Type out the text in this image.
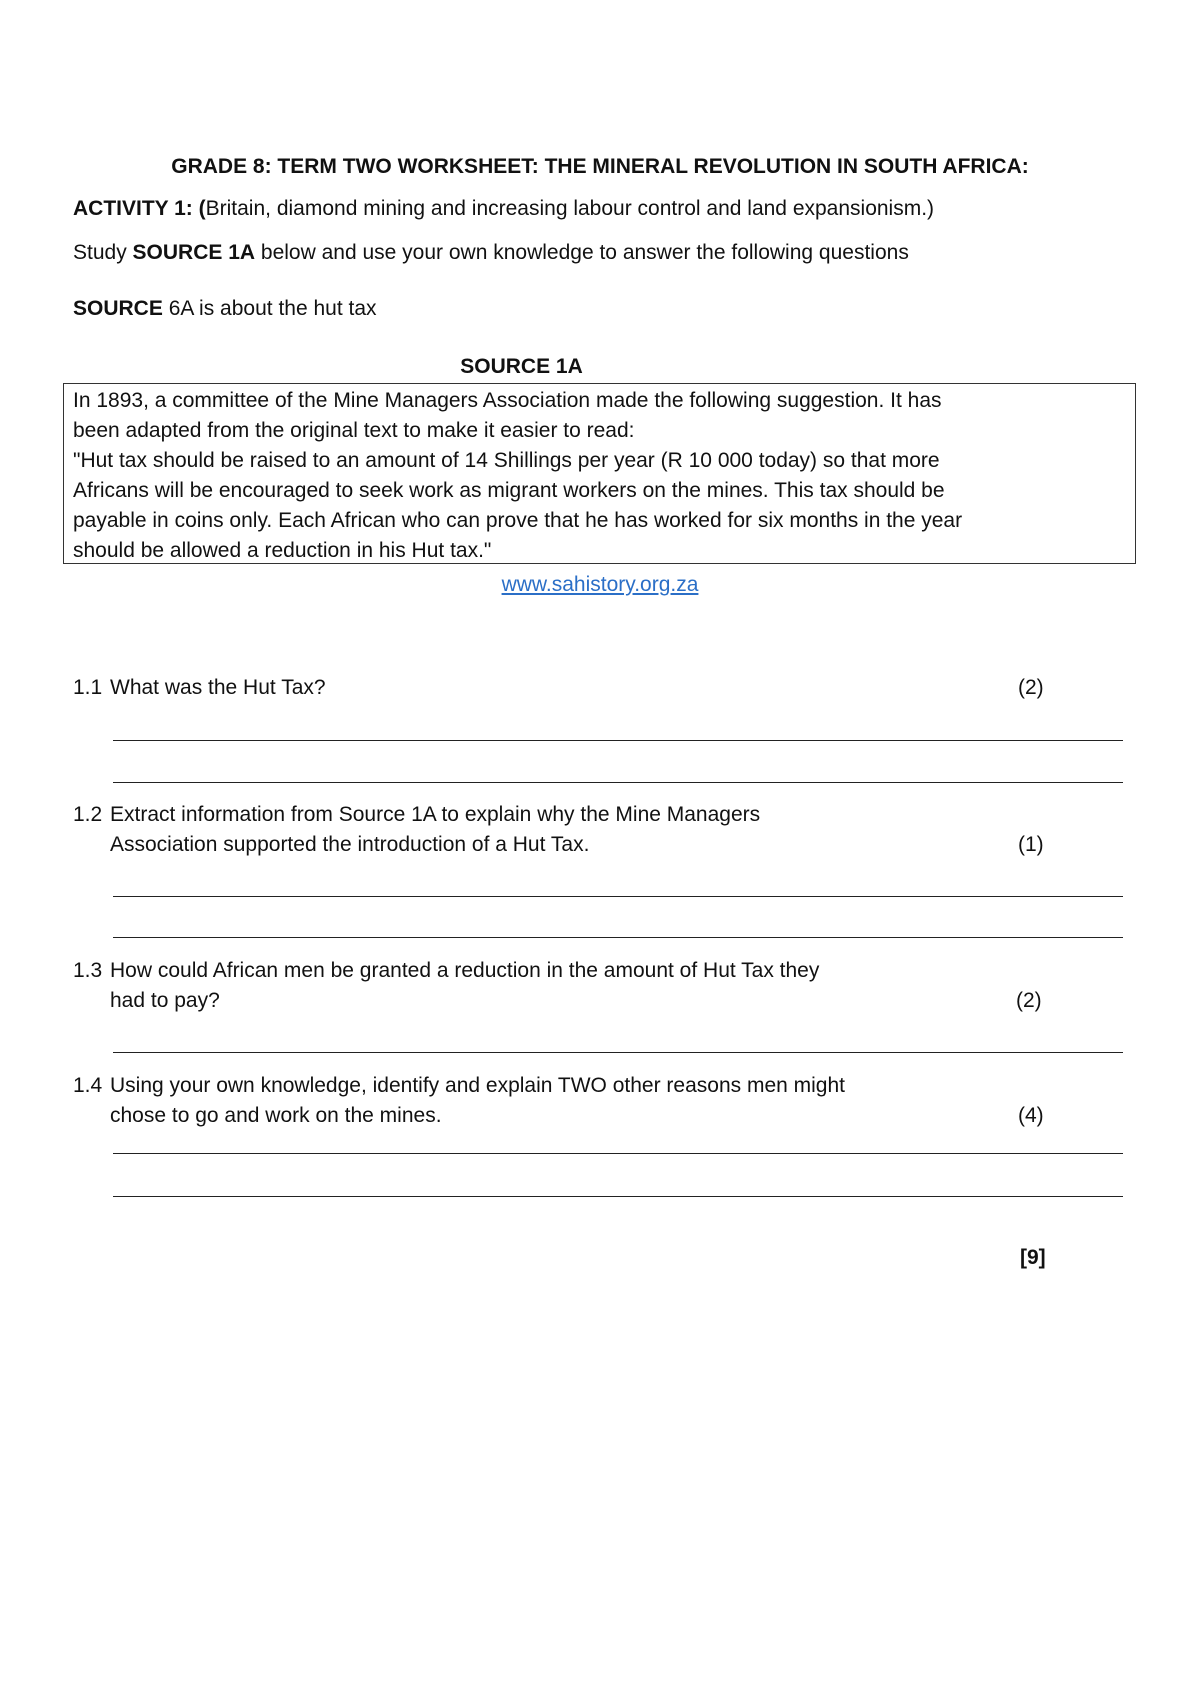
GRADE 8: TERM TWO WORKSHEET: THE MINERAL REVOLUTION IN SOUTH AFRICA:
ACTIVITY 1: (Britain, diamond mining and increasing labour control and land expansionism.)
Study SOURCE 1A below and use your own knowledge to answer the following questions
SOURCE 6A is about the hut tax
SOURCE 1A
In 1893, a committee of the Mine Managers Association made the following suggestion. It has
been adapted from the original text to make it easier to read:
"Hut tax should be raised to an amount of 14 Shillings per year (R 10 000 today) so that more
Africans will be encouraged to seek work as migrant workers on the mines. This tax should be
payable in coins only. Each African who can prove that he has worked for six months in the year
should be allowed a reduction in his Hut tax."
www.sahistory.org.za
1.1 What was the Hut Tax?	(2)
1.2 Extract information from Source 1A to explain why the Mine Managers
Association supported the introduction of a Hut Tax.	(1)
1.3 How could African men be granted a reduction in the amount of Hut Tax they
had to pay?	(2)
1.4 Using your own knowledge, identify and explain TWO other reasons men might
chose to go and work on the mines.	(4)
[9]
